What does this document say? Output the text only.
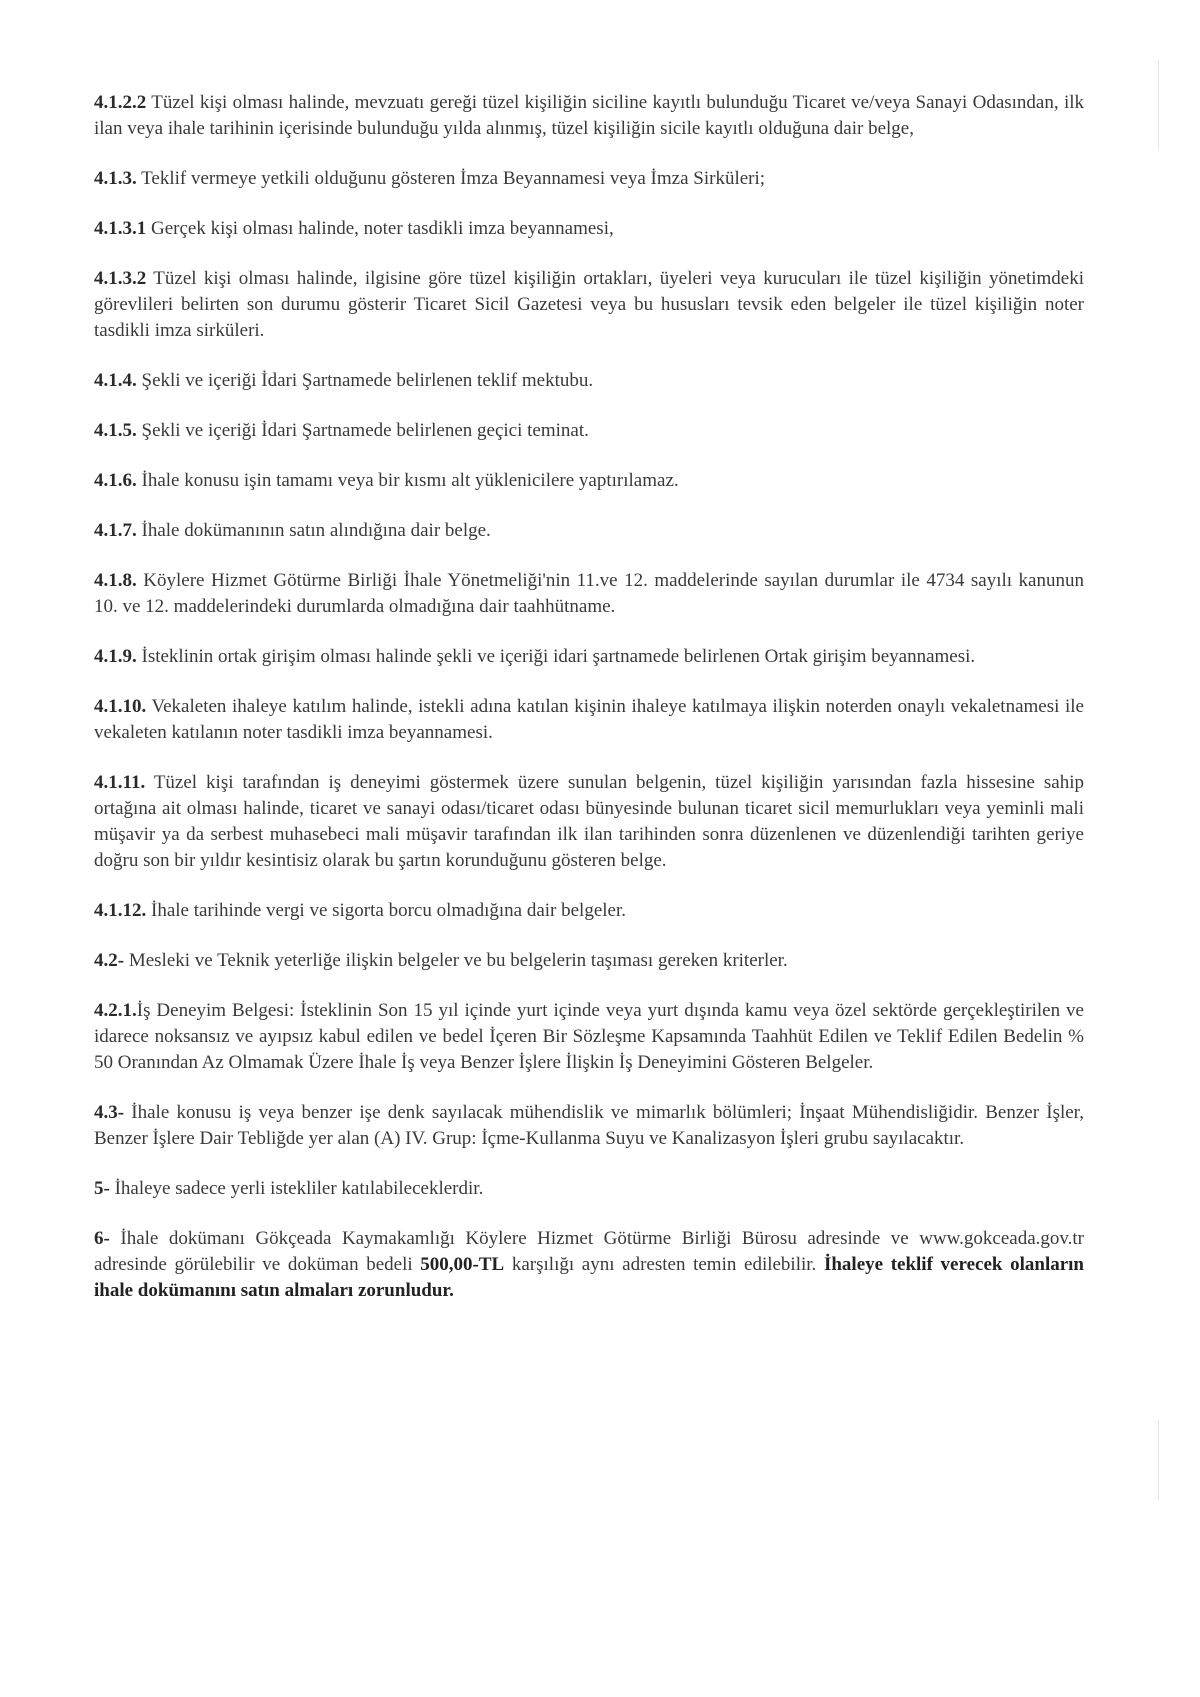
4.1.2.2 Tüzel kişi olması halinde, mevzuatı gereği tüzel kişiliğin siciline kayıtlı bulunduğu Ticaret ve/veya Sanayi Odasından, ilk ilan veya ihale tarihinin içerisinde bulunduğu yılda alınmış, tüzel kişiliğin sicile kayıtlı olduğuna dair belge,

4.1.3. Teklif vermeye yetkili olduğunu gösteren İmza Beyannamesi veya İmza Sirküleri;

4.1.3.1 Gerçek kişi olması halinde, noter tasdikli imza beyannamesi,

4.1.3.2 Tüzel kişi olması halinde, ilgisine göre tüzel kişiliğin ortakları, üyeleri veya kurucuları ile tüzel kişiliğin yönetimdeki görevlileri belirten son durumu gösterir Ticaret Sicil Gazetesi veya bu hususları tevsik eden belgeler ile tüzel kişiliğin noter tasdikli imza sirküleri.

4.1.4. Şekli ve içeriği İdari Şartnamede belirlenen teklif mektubu.

4.1.5. Şekli ve içeriği İdari Şartnamede belirlenen geçici teminat.

4.1.6. İhale konusu işin tamamı veya bir kısmı alt yüklenicilere yaptırılamaz.

4.1.7. İhale dokümanının satın alındığına dair belge.

4.1.8. Köylere Hizmet Götürme Birliği İhale Yönetmeliği'nin 11.ve 12. maddelerinde sayılan durumlar ile 4734 sayılı kanunun 10. ve 12. maddelerindeki durumlarda olmadığına dair taahhütname.

4.1.9. İsteklinin ortak girişim olması halinde şekli ve içeriği idari şartnamede belirlenen Ortak girişim beyannamesi.

4.1.10. Vekaleten ihaleye katılım halinde, istekli adına katılan kişinin ihaleye katılmaya ilişkin noterden onaylı vekaletnamesi ile vekaleten katılanın noter tasdikli imza beyannamesi.

4.1.11. Tüzel kişi tarafından iş deneyimi göstermek üzere sunulan belgenin, tüzel kişiliğin yarısından fazla hissesine sahip ortağına ait olması halinde, ticaret ve sanayi odası/ticaret odası bünyesinde bulunan ticaret sicil memurlukları veya yeminli mali müşavir ya da serbest muhasebeci mali müşavir tarafından ilk ilan tarihinden sonra düzenlenen ve düzenlendiği tarihten geriye doğru son bir yıldır kesintisiz olarak bu şartın korunduğunu gösteren belge.

4.1.12. İhale tarihinde vergi ve sigorta borcu olmadığına dair belgeler.

4.2- Mesleki ve Teknik yeterliğe ilişkin belgeler ve bu belgelerin taşıması gereken kriterler.

4.2.1.İş Deneyim Belgesi: İsteklinin Son 15 yıl içinde yurt içinde veya yurt dışında kamu veya özel sektörde gerçekleştirilen ve idarece noksansız ve ayıpsız kabul edilen ve bedel İçeren Bir Sözleşme Kapsamında Taahhüt Edilen ve Teklif Edilen Bedelin % 50 Oranından Az Olmamak Üzere İhale İş veya Benzer İşlere İlişkin İş Deneyimini Gösteren Belgeler.

4.3- İhale konusu iş veya benzer işe denk sayılacak mühendislik ve mimarlık bölümleri; İnşaat Mühendisliğidir. Benzer İşler, Benzer İşlere Dair Tebliğde yer alan (A) IV. Grup: İçme-Kullanma Suyu ve Kanalizasyon İşleri grubu sayılacaktır.

5- İhaleye sadece yerli istekliler katılabileceklerdir.

6- İhale dokümanı Gökçeada Kaymakamlığı Köylere Hizmet Götürme Birliği Bürosu adresinde ve www.gokceada.gov.tr adresinde görülebilir ve doküman bedeli 500,00-TL karşılığı aynı adresten temin edilebilir. İhaleye teklif verecek olanların ihale dokümanını satın almaları zorunludur.
